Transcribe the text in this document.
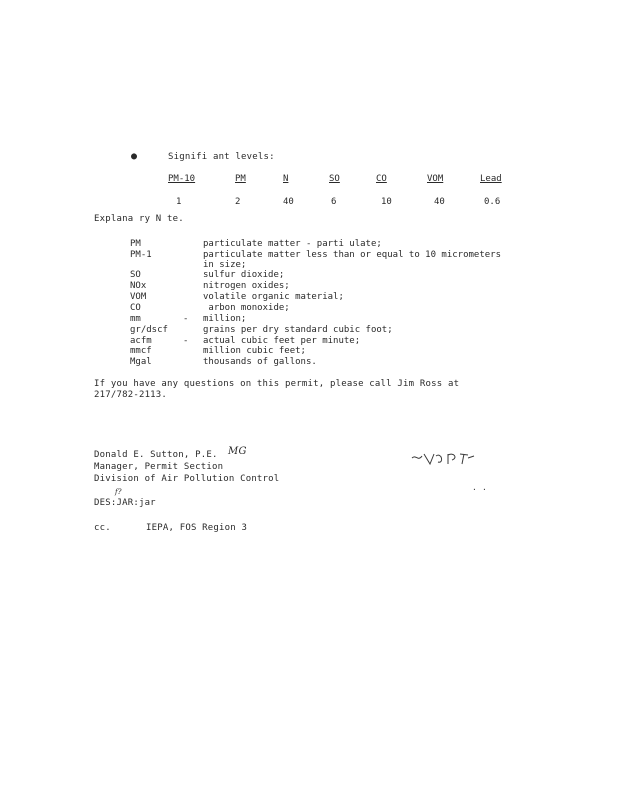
●	Signifi ant levels:
PM-10	PM	N	SO	CO	VOM	Lead
1	2	40	6	10	40	0.6
Explana ry N te.
PM	particulate matter - parti ulate;
PM-1	particulate matter less than or equal to 10 micrometers
in size;
SO	sulfur dioxide;
NOx	nitrogen oxides;
VOM	volatile organic material;
CO	arbon monoxide;
mm	- million;
gr/dscf	grains per dry standard cubic foot;
acfm	- actual cubic feet per minute;
mmcf	million cubic feet;
Mgal	thousands of gallons.
If you have any questions on this permit, please call Jim Ross at
217/782-2113.
Donald E. Sutton, P.E. MG
Manager, Permit Section
Division of Air Pollution Control
f?
DES:JAR:jar
. .
cc.	IEPA, FOS Region 3
